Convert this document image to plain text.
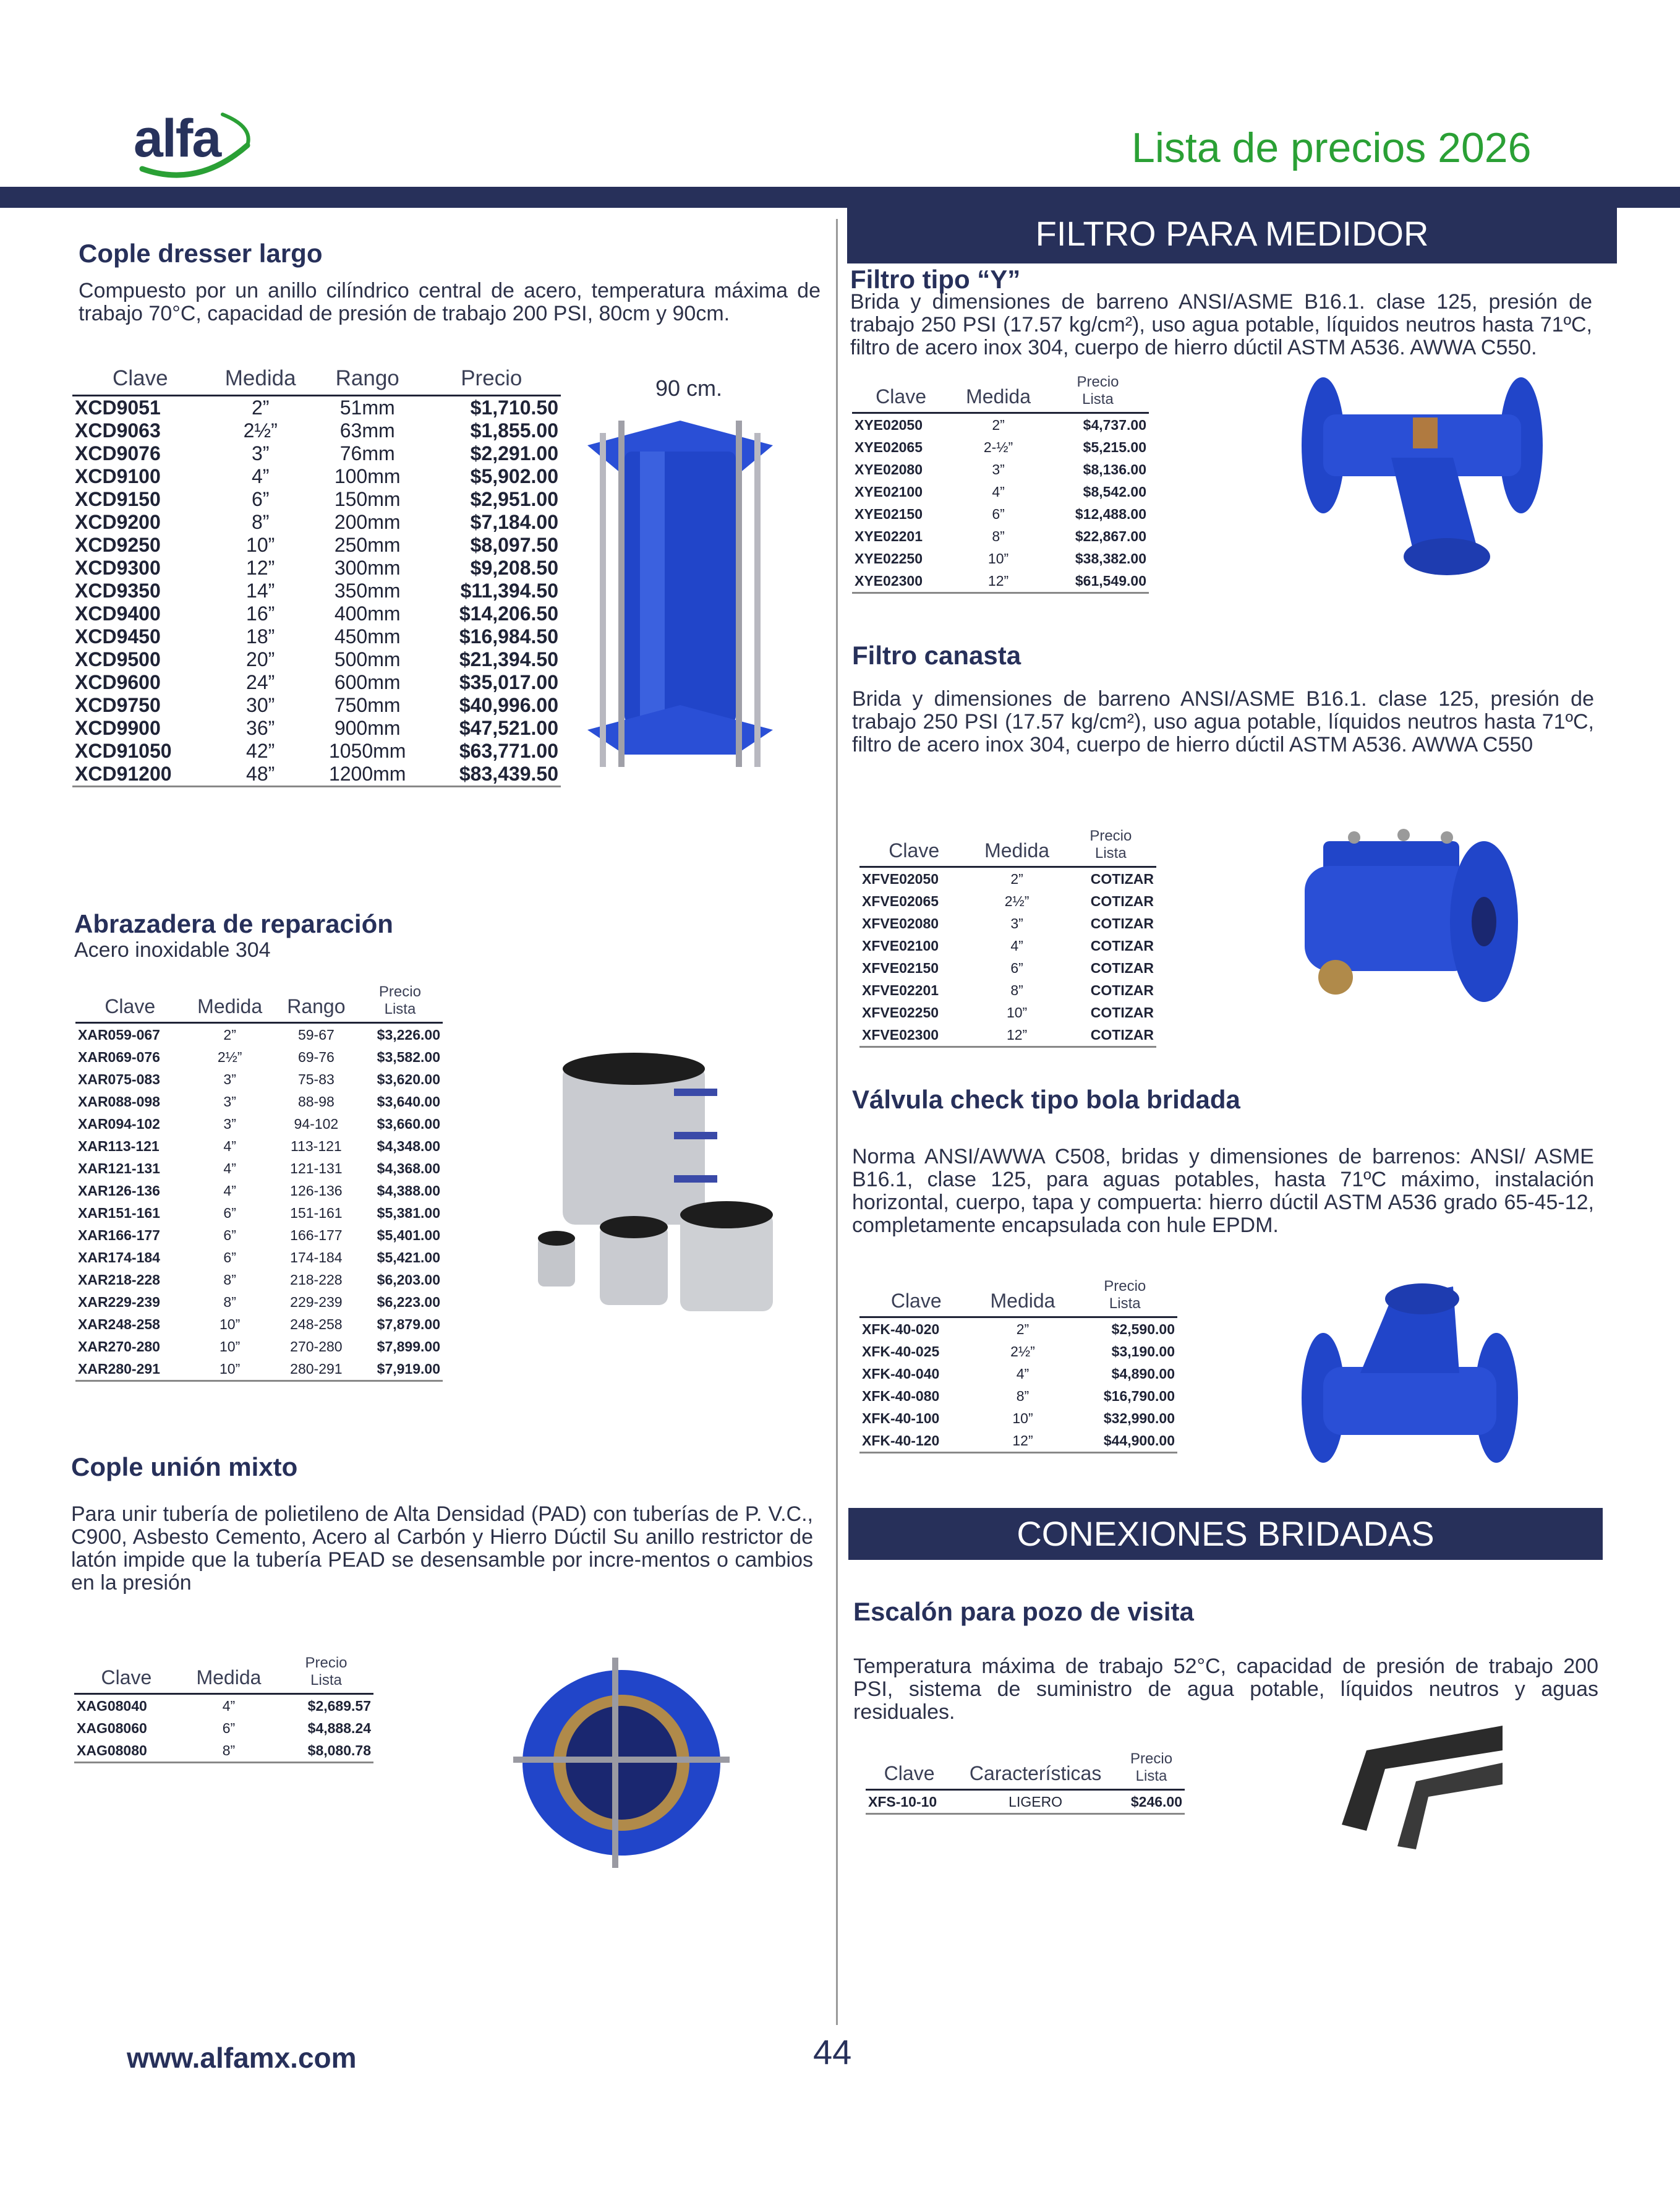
alfa	Lista de precios 2026
Cople dresser largo
Compuesto por un anillo cilíndrico central de acero, temperatura máxima de trabajo 70°C, capacidad de presión de trabajo 200 PSI, 80cm y 90cm.
Clave	Medida	Rango	Precio
XCD9051	2”	51mm	$1,710.50
XCD9063	2½”	63mm	$1,855.00
XCD9076	3”	76mm	$2,291.00
XCD9100	4”	100mm	$5,902.00
XCD9150	6”	150mm	$2,951.00
XCD9200	8”	200mm	$7,184.00
XCD9250	10”	250mm	$8,097.50
XCD9300	12”	300mm	$9,208.50
XCD9350	14”	350mm	$11,394.50
XCD9400	16”	400mm	$14,206.50
XCD9450	18”	450mm	$16,984.50
XCD9500	20”	500mm	$21,394.50
XCD9600	24”	600mm	$35,017.00
XCD9750	30”	750mm	$40,996.00
XCD9900	36”	900mm	$47,521.00
XCD91050	42”	1050mm	$63,771.00
XCD91200	48”	1200mm	$83,439.50
90 cm.
Abrazadera de reparación
Acero inoxidable 304
Clave	Medida	Rango	Precio
Lista

XAR059-067	2”	59-67	$3,226.00
XAR069-076	2½”	69-76	$3,582.00
XAR075-083	3”	75-83	$3,620.00
XAR088-098	3”	88-98	$3,640.00
XAR094-102	3”	94-102	$3,660.00
XAR113-121	4”	113-121	$4,348.00
XAR121-131	4”	121-131	$4,368.00
XAR126-136	4”	126-136	$4,388.00
XAR151-161	6”	151-161	$5,381.00
XAR166-177	6”	166-177	$5,401.00
XAR174-184	6”	174-184	$5,421.00
XAR218-228	8”	218-228	$6,203.00
XAR229-239	8”	229-239	$6,223.00
XAR248-258	10”	248-258	$7,879.00
XAR270-280	10”	270-280	$7,899.00
XAR280-291	10”	280-291	$7,919.00
Cople unión mixto
Para unir tubería de polietileno de Alta Densidad (PAD) con tuberías de P. V.C., C900, Asbesto Cemento, Acero al Carbón y Hierro Dúctil Su anillo restrictor de latón impide que la tubería PEAD se desensamble por incre-mentos o cambios en la presión
Clave	Medida	Precio
Lista

XAG08040	4”	$2,689.57
XAG08060	6”	$4,888.24
XAG08080	8”	$8,080.78
FILTRO PARA MEDIDOR
Filtro tipo “Y”
Brida y dimensiones de barreno ANSI/ASME B16.1. clase 125, presión de trabajo 250 PSI (17.57 kg/cm²), uso agua potable, líquidos neutros hasta 71ºC, filtro de acero inox 304, cuerpo de hierro dúctil ASTM A536. AWWA C550.
Clave	Medida	Precio
Lista

XYE02050	2”	$4,737.00
XYE02065	2-½”	$5,215.00
XYE02080	3”	$8,136.00
XYE02100	4”	$8,542.00
XYE02150	6”	$12,488.00
XYE02201	8”	$22,867.00
XYE02250	10”	$38,382.00
XYE02300	12”	$61,549.00
Filtro canasta
Brida y dimensiones de barreno ANSI/ASME B16.1. clase 125, presión de trabajo 250 PSI (17.57 kg/cm²), uso agua potable, líquidos neutros hasta 71ºC, filtro de acero inox 304, cuerpo de hierro dúctil ASTM A536. AWWA C550
Clave	Medida	Precio
Lista

XFVE02050	2”	COTIZAR
XFVE02065	2½”	COTIZAR
XFVE02080	3”	COTIZAR
XFVE02100	4”	COTIZAR
XFVE02150	6”	COTIZAR
XFVE02201	8”	COTIZAR
XFVE02250	10”	COTIZAR
XFVE02300	12”	COTIZAR
Válvula check tipo bola bridada
Norma ANSI/AWWA C508, bridas y dimensiones de barrenos: ANSI/ ASME B16.1, clase 125, para aguas potables, hasta 71ºC máximo, instalación horizontal, cuerpo, tapa y compuerta: hierro dúctil ASTM A536 grado 65-45-12, completamente encapsulada con hule EPDM.
Clave	Medida	Precio
Lista

XFK-40-020	2”	$2,590.00
XFK-40-025	2½”	$3,190.00
XFK-40-040	4”	$4,890.00
XFK-40-080	8”	$16,790.00
XFK-40-100	10”	$32,990.00
XFK-40-120	12”	$44,900.00
CONEXIONES BRIDADAS
Escalón para pozo de visita
Temperatura máxima de trabajo 52°C, capacidad de presión de trabajo 200 PSI, sistema de suministro de agua potable, líquidos neutros y aguas residuales.
Clave	Características	Precio
Lista

XFS-10-10	LIGERO	$246.00
www.alfamx.com	44
